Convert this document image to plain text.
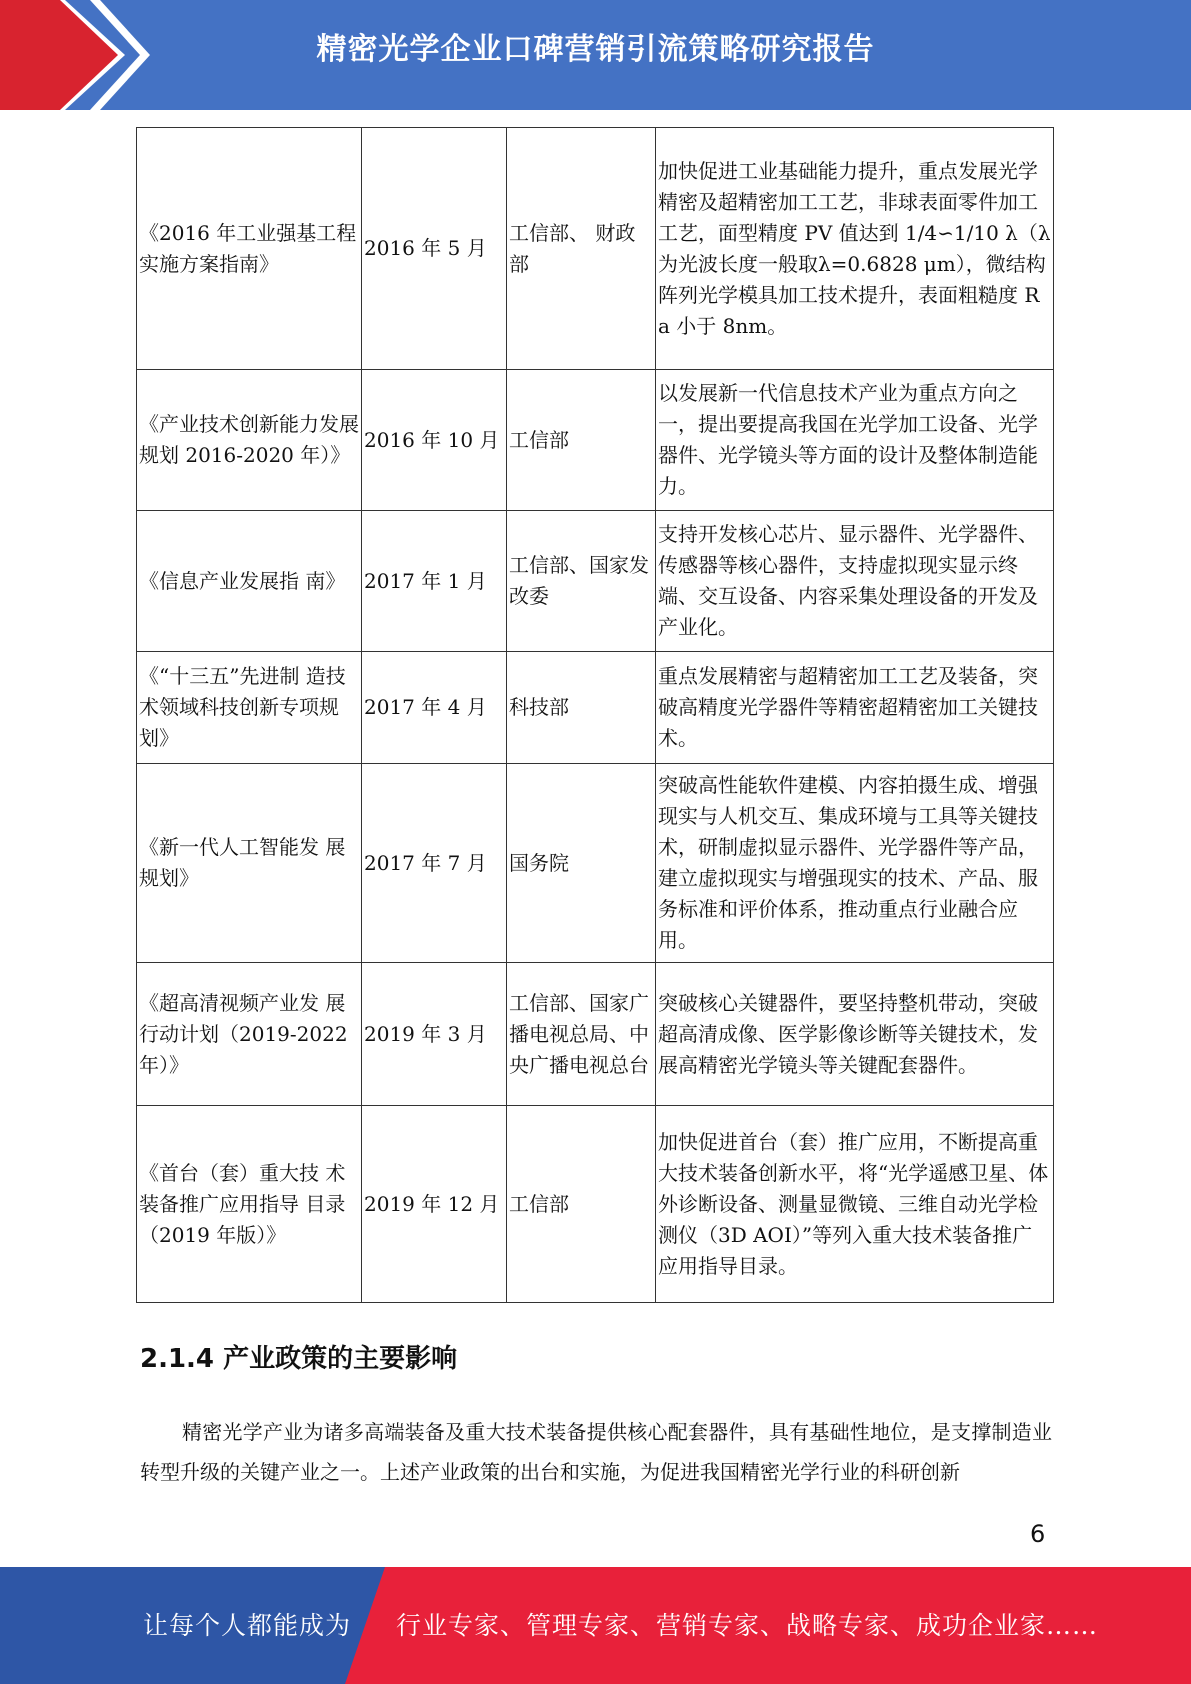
精密光学企业口碑营销引流策略研究报告
《2016 年工业强基工程实施方案指南》	2016 年 5 月	工信部、 财政部	加快促进工业基础能力提升，重点发展光学精密及超精密加工工艺，非球表面零件加工工艺，面型精度 PV 值达到 1/4∽1/10 λ（λ为光波长度一般取λ=0.6828 μm），微结构阵列光学模具加工技术提升，表面粗糙度 Ra 小于 8nm。
《产业技术创新能力发展规划 2016-2020 年）》	2016 年 10 月	工信部	以发展新一代信息技术产业为重点方向之一，提出要提高我国在光学加工设备、光学器件、光学镜头等方面的设计及整体制造能力。
《信息产业发展指 南》	2017 年 1 月	工信部、国家发改委	支持开发核心芯片、显示器件、光学器件、传感器等核心器件，支持虚拟现实显示终端、交互设备、内容采集处理设备的开发及产业化。
《“十三五”先进制 造技术领域科技创新专项规划》	2017 年 4 月	科技部	重点发展精密与超精密加工工艺及装备，突破高精度光学器件等精密超精密加工关键技术。
《新一代人工智能发 展规划》	2017 年 7 月	国务院	突破高性能软件建模、内容拍摄生成、增强现实与人机交互、集成环境与工具等关键技术，研制虚拟显示器件、光学器件等产品，建立虚拟现实与增强现实的技术、产品、服务标准和评价体系，推动重点行业融合应用。
《超高清视频产业发 展行动计划（2019-2022 年）》	2019 年 3 月	工信部、国家广播电视总局、中央广播电视总台	突破核心关键器件，要坚持整机带动，突破超高清成像、医学影像诊断等关键技术，发展高精密光学镜头等关键配套器件。
《首台（套）重大技 术装备推广应用指导 目录（2019 年版）》	2019 年 12 月	工信部	加快促进首台（套）推广应用，不断提高重大技术装备创新水平，将“光学遥感卫星、体外诊断设备、测量显微镜、三维自动光学检测仪（3D AOI）”等列入重大技术装备推广应用指导目录。
2.1.4 产业政策的主要影响
精密光学产业为诸多高端装备及重大技术装备提供核心配套器件，具有基础性地位，是支撑制造业转型升级的关键产业之一。上述产业政策的出台和实施，为促进我国精密光学行业的科研创新
6
让每个人都能成为 行业专家、管理专家、营销专家、战略专家、成功企业家……
